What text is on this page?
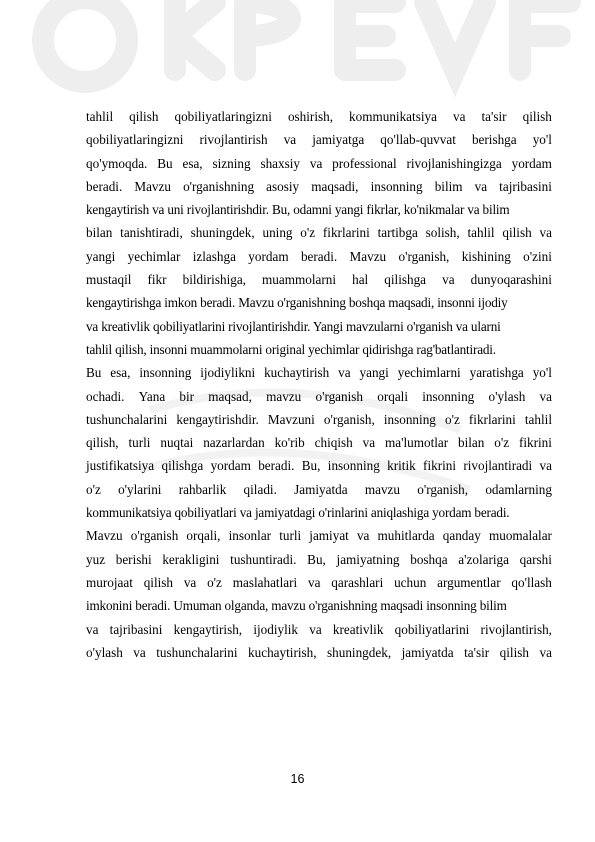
tahlil qilish qobiliyatlaringizni oshirish, kommunikatsiya va ta'sir qilish
qobiliyatlaringizni rivojlantirish va jamiyatga qo'llab-quvvat berishga yo'l
qo'ymoqda. Bu esa, sizning shaxsiy va professional rivojlanishingizga yordam
beradi. Mavzu o'rganishning asosiy maqsadi, insonning bilim va tajribasini
kengaytirish va uni rivojlantirishdir. Bu, odamni yangi fikrlar, ko'nikmalar va bilim
bilan tanishtiradi, shuningdek, uning o'z fikrlarini tartibga solish, tahlil qilish va
yangi yechimlar izlashga yordam beradi. Mavzu o'rganish, kishining o'zini
mustaqil fikr bildirishiga, muammolarni hal qilishga va dunyoqarashini
kengaytirishga imkon beradi. Mavzu o'rganishning boshqa maqsadi, insonni ijodiy
va kreativlik qobiliyatlarini rivojlantirishdir. Yangi mavzularni o'rganish va ularni
tahlil qilish, insonni muammolarni original yechimlar qidirishga rag'batlantiradi.
Bu esa, insonning ijodiylikni kuchaytirish va yangi yechimlarni yaratishga yo'l
ochadi. Yana bir maqsad, mavzu o'rganish orqali insonning o'ylash va
tushunchalarini kengaytirishdir. Mavzuni o'rganish, insonning o'z fikrlarini tahlil
qilish, turli nuqtai nazarlardan ko'rib chiqish va ma'lumotlar bilan o'z fikrini
justifikatsiya qilishga yordam beradi. Bu, insonning kritik fikrini rivojlantiradi va
o'z o'ylarini rahbarlik qiladi. Jamiyatda mavzu o'rganish, odamlarning
kommunikatsiya qobiliyatlari va jamiyatdagi o'rinlarini aniqlashiga yordam beradi.
Mavzu o'rganish orqali, insonlar turli jamiyat va muhitlarda qanday muomalalar
yuz berishi kerakligini tushuntiradi. Bu, jamiyatning boshqa a'zolariga qarshi
murojaat qilish va o'z maslahatlari va qarashlari uchun argumentlar qo'llash
imkonini beradi. Umuman olganda, mavzu o'rganishning maqsadi insonning bilim
va tajribasini kengaytirish, ijodiylik va kreativlik qobiliyatlarini rivojlantirish,
o'ylash va tushunchalarini kuchaytirish, shuningdek, jamiyatda ta'sir qilish va
16
